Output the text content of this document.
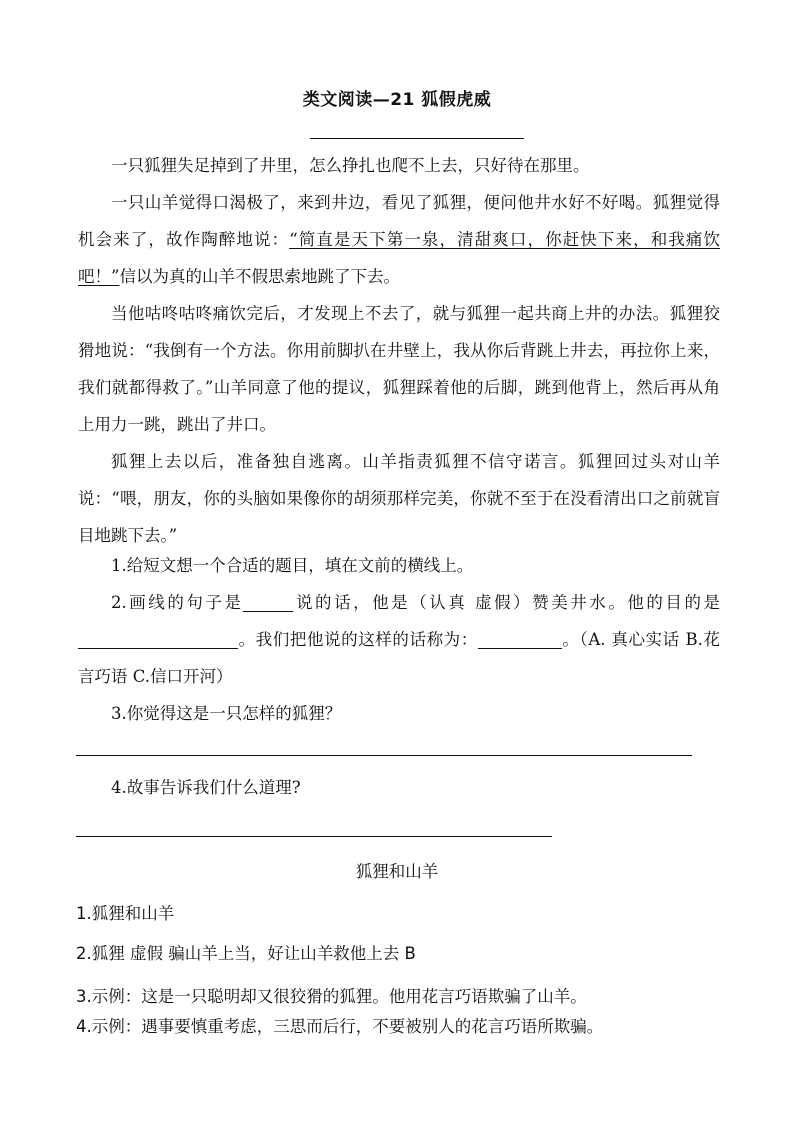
类文阅读—21 狐假虎威
一只狐狸失足掉到了井里，怎么挣扎也爬不上去，只好待在那里。
一只山羊觉得口渴极了，来到井边，看见了狐狸，便问他井水好不好喝。狐狸觉得机会来了，故作陶醉地说：“简直是天下第一泉，清甜爽口，你赶快下来，和我痛饮吧！”信以为真的山羊不假思索地跳了下去。
当他咕咚咕咚痛饮完后，才发现上不去了，就与狐狸一起共商上井的办法。狐狸狡猾地说：“我倒有一个方法。你用前脚扒在井壁上，我从你后背跳上井去，再拉你上来，我们就都得救了。”山羊同意了他的提议，狐狸踩着他的后脚，跳到他背上，然后再从角上用力一跳，跳出了井口。
狐狸上去以后，准备独自逃离。山羊指责狐狸不信守诺言。狐狸回过头对山羊说：“喂，朋友，你的头脑如果像你的胡须那样完美，你就不至于在没看清出口之前就盲目地跳下去。”
1.给短文想一个合适的题目，填在文前的横线上。
2.画线的句子是	说的话，他是（认真 虚假）赞美井水。他的目的是。我们把他说的这样的话称为：	。（A. 真心实话 B.花言巧语 C.信口开河）
3.你觉得这是一只怎样的狐狸？
4.故事告诉我们什么道理?
狐狸和山羊
1.狐狸和山羊
2.狐狸 虚假 骗山羊上当，好让山羊救他上去 B
3.示例：这是一只聪明却又很狡猾的狐狸。他用花言巧语欺骗了山羊。
4.示例：遇事要慎重考虑，三思而后行，不要被别人的花言巧语所欺骗。
